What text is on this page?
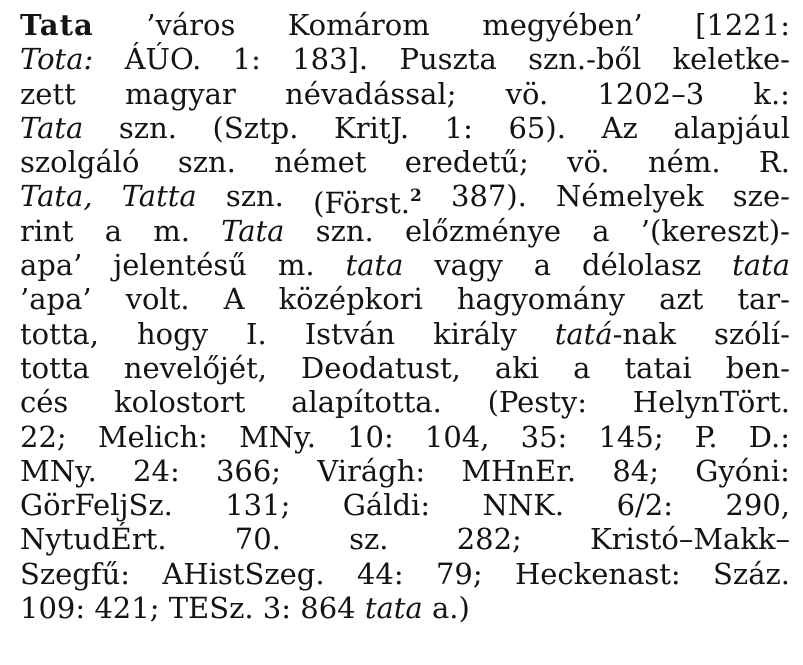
Tata ’város Komárom megyében’ [1221:
Tota: ÁÚO. 1: 183]. Puszta szn.-ből keletke-
zett magyar névadással; vö. 1202–3 k.:
Tata szn. (Sztp. KritJ. 1: 65). Az alapjául
szolgáló szn. német eredetű; vö. ném. R.
Tata, Tatta szn. (Först.$^2$ 387). Némelyek sze-
rint a m. Tata szn. előzménye a ’(kereszt)-
apa’ jelentésű m. tata vagy a délolasz tata
’apa’ volt. A középkori hagyomány azt tar-
totta, hogy I. István király tatá-nak szólí-
totta nevelőjét, Deodatust, aki a tatai ben-
cés kolostort alapította. (Pesty: HelynTört.
22; Melich: MNy. 10: 104, 35: 145; P. D.:
MNy. 24: 366; Virágh: MHnEr. 84; Gyóni:
GörFeljSz. 131; Gáldi: NNK. 6/2: 290,
NytudÉrt. 70. sz. 282; Kristó–Makk–
Szegfű: AHistSzeg. 44: 79; Heckenast: Száz.
109: 421; TESz. 3: 864 tata a.)
